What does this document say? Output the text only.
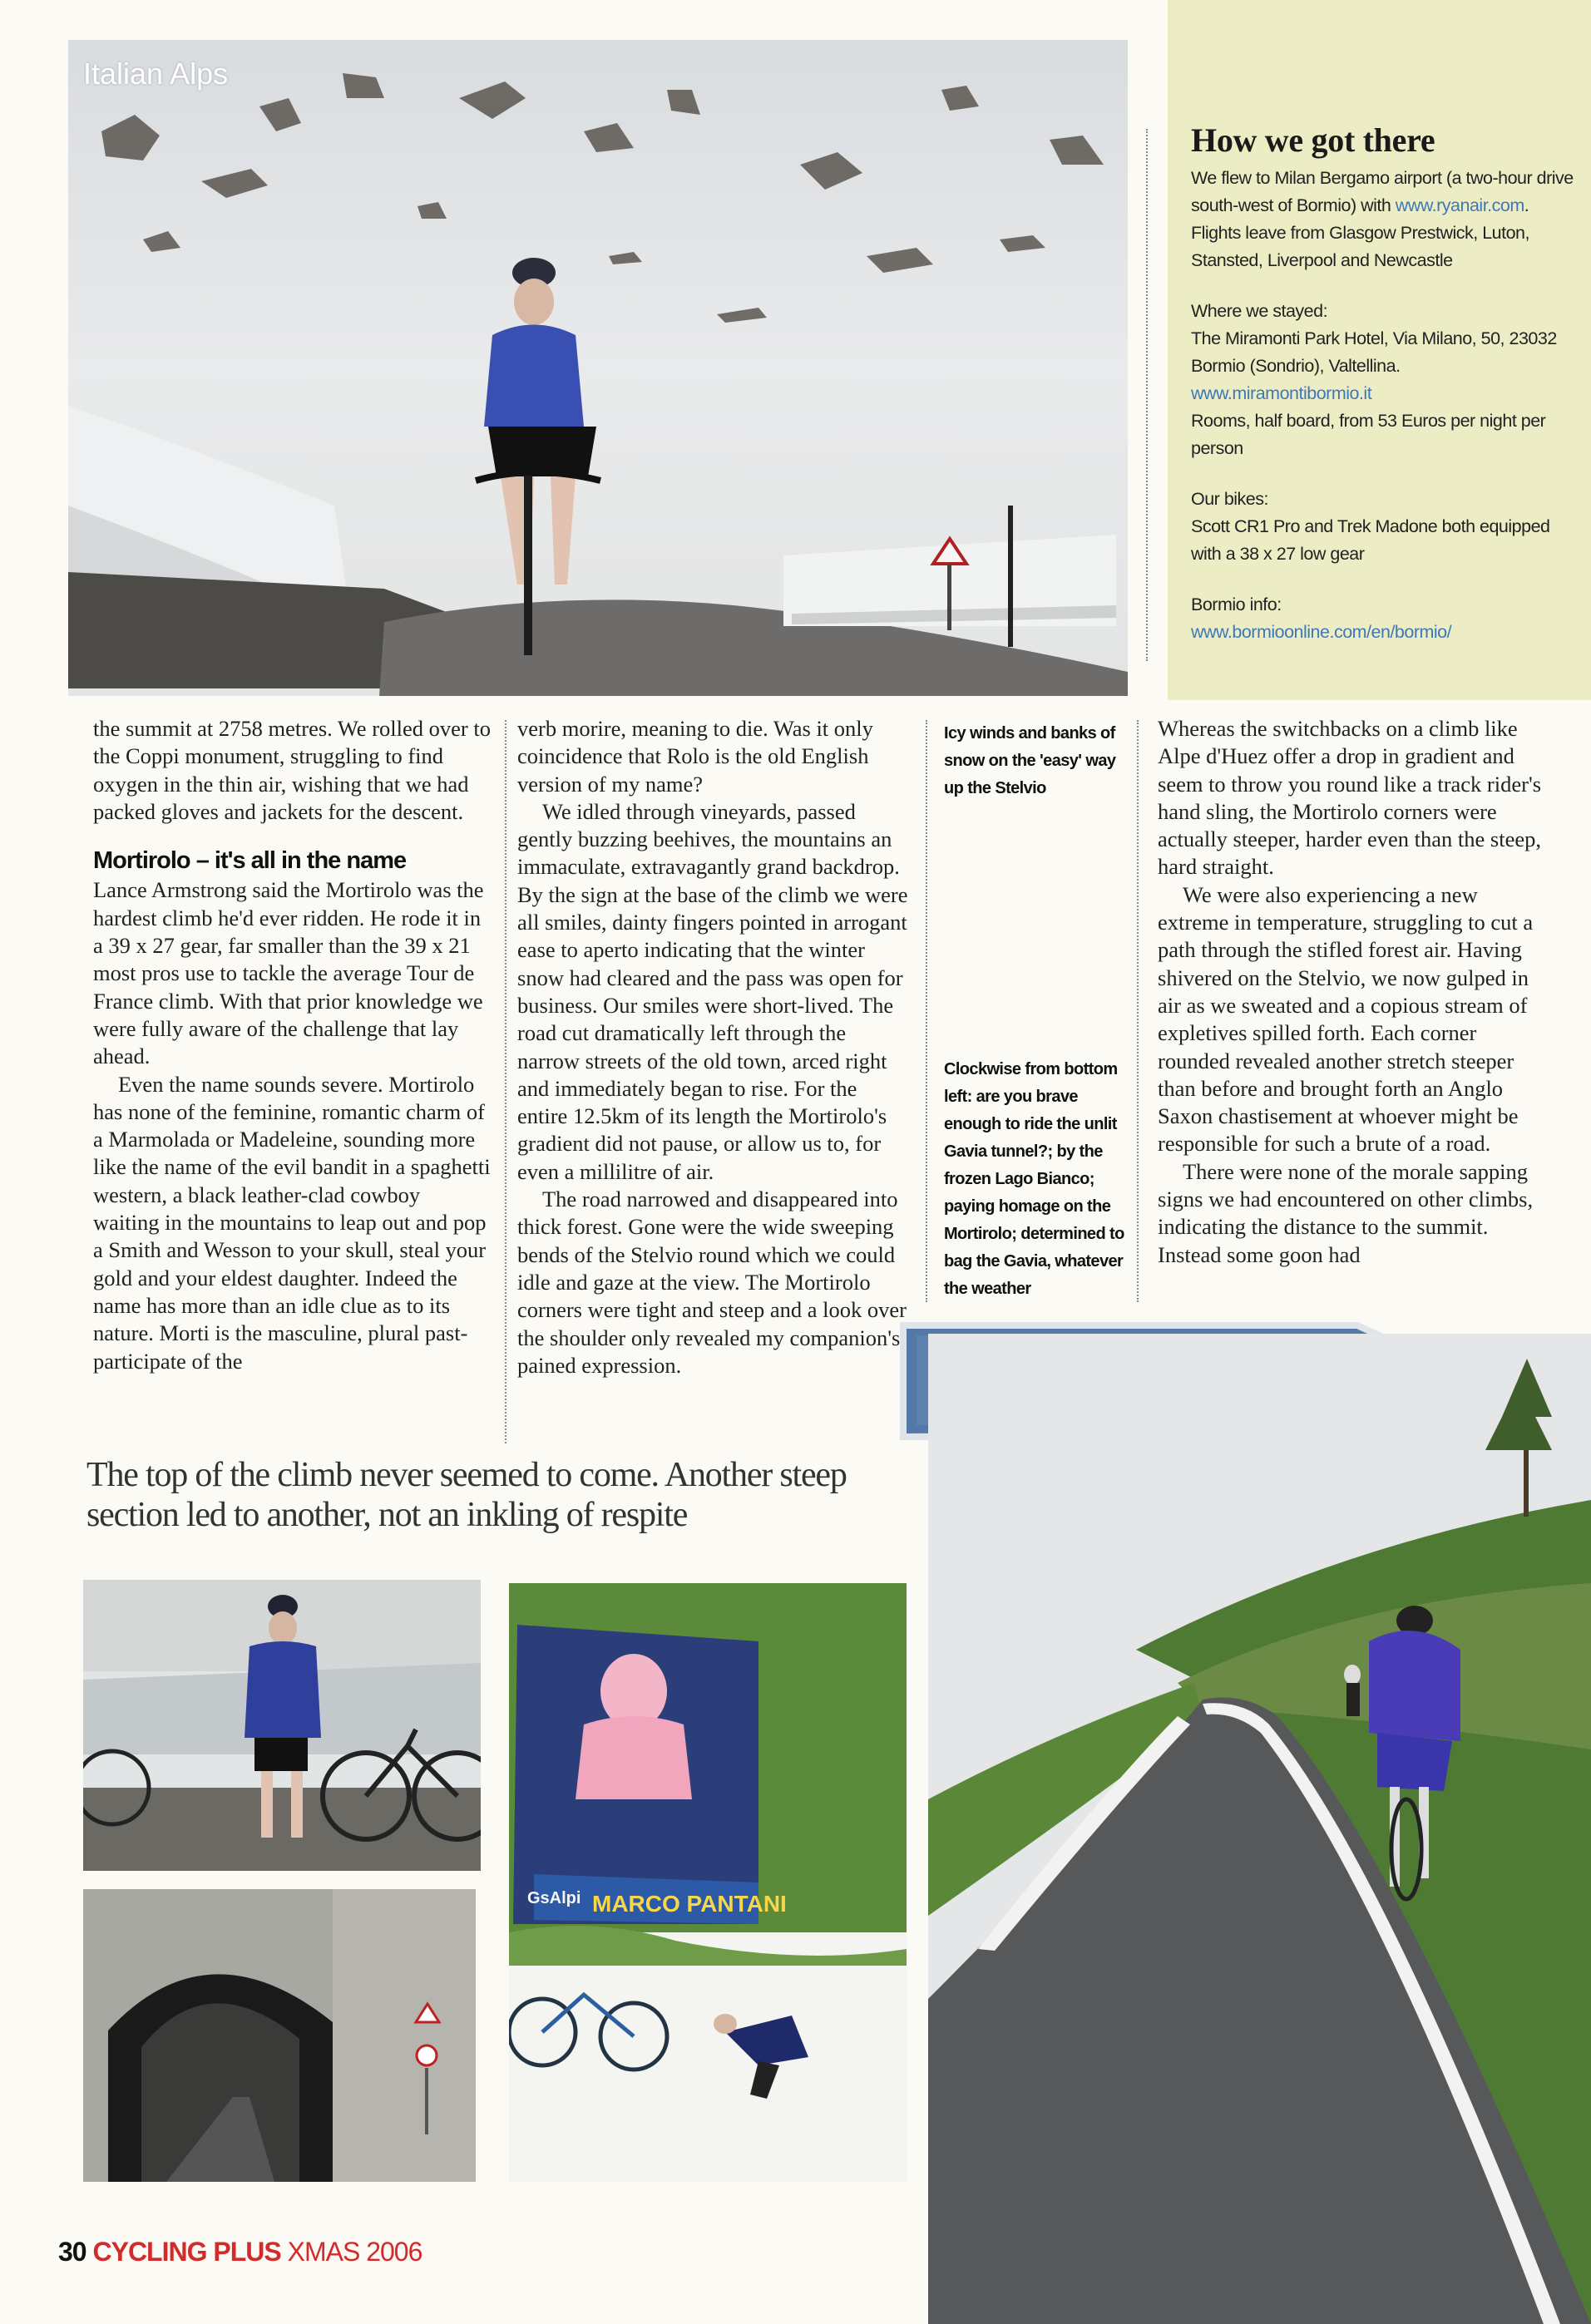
Italian Alps
How we got there

We flew to Milan Bergamo airport (a two-hour drive south-west of Bormio) with www.ryanair.com. Flights leave from Glasgow Prestwick, Luton, Stansted, Liverpool and Newcastle

Where we stayed:

The Miramonti Park Hotel, Via Milano, 50, 23032 Bormio (Sondrio), Valtellina.

www.miramontibormio.it

Rooms, half board, from 53 Euros per night per person

Our bikes:

Scott CR1 Pro and Trek Madone both equipped with a 38 x 27 low gear

Bormio info:

www.bormioonline.com/en/bormio/

the summit at 2758 metres. We rolled over to the Coppi monument, struggling to find oxygen in the thin air, wishing that we had packed gloves and jackets for the descent.

Mortirolo – it's all in the name

Lance Armstrong said the Mortirolo was the hardest climb he'd ever ridden. He rode it in a 39 x 27 gear, far smaller than the 39 x 21 most pros use to tackle the average Tour de France climb. With that prior knowledge we were fully aware of the challenge that lay ahead.

Even the name sounds severe. Mortirolo has none of the feminine, romantic charm of a Marmolada or Madeleine, sounding more like the name of the evil bandit in a spaghetti western, a black leather-clad cowboy waiting in the mountains to leap out and pop a Smith and Wesson to your skull, steal your gold and your eldest daughter. Indeed the name has more than an idle clue as to its nature. Morti is the masculine, plural past-participate of the

verb morire, meaning to die. Was it only coincidence that Rolo is the old English version of my name?

We idled through vineyards, passed gently buzzing beehives, the mountains an immaculate, extravagantly grand backdrop. By the sign at the base of the climb we were all smiles, dainty fingers pointed in arrogant ease to aperto indicating that the winter snow had cleared and the pass was open for business. Our smiles were short-lived. The road cut dramatically left through the narrow streets of the old town, arced right and immediately began to rise. For the entire 12.5km of its length the Mortirolo's gradient did not pause, or allow us to, for even a millilitre of air.

The road narrowed and disappeared into thick forest. Gone were the wide sweeping bends of the Stelvio round which we could idle and gaze at the view. The Mortirolo corners were tight and steep and a look over the shoulder only revealed my companion's pained expression.

Icy winds and banks of snow on the 'easy' way up the Stelvio
Clockwise from bottom left: are you brave enough to ride the unlit Gavia tunnel?; by the frozen Lago Bianco; paying homage on the Mortirolo; determined to bag the Gavia, whatever the weather

Whereas the switchbacks on a climb like Alpe d'Huez offer a drop in gradient and seem to throw you round like a track rider's hand sling, the Mortirolo corners were actually steeper, harder even than the steep, hard straight.

We were also experiencing a new extreme in temperature, struggling to cut a path through the stifled forest air. Having shivered on the Stelvio, we now gulped in air as we sweated and a copious stream of expletives spilled forth. Each corner rounded revealed another stretch steeper than before and brought forth an Anglo Saxon chastisement at whoever might be responsible for such a brute of a road.

There were none of the morale sapping signs we had encountered on other climbs, indicating the distance to the summit. Instead some goon had

The top of the climb never seemed to come. Another steep section led to another, not an inkling of respite
MARCO PANTANI
GsAlpi
30 CYCLING PLUS XMAS 2006
